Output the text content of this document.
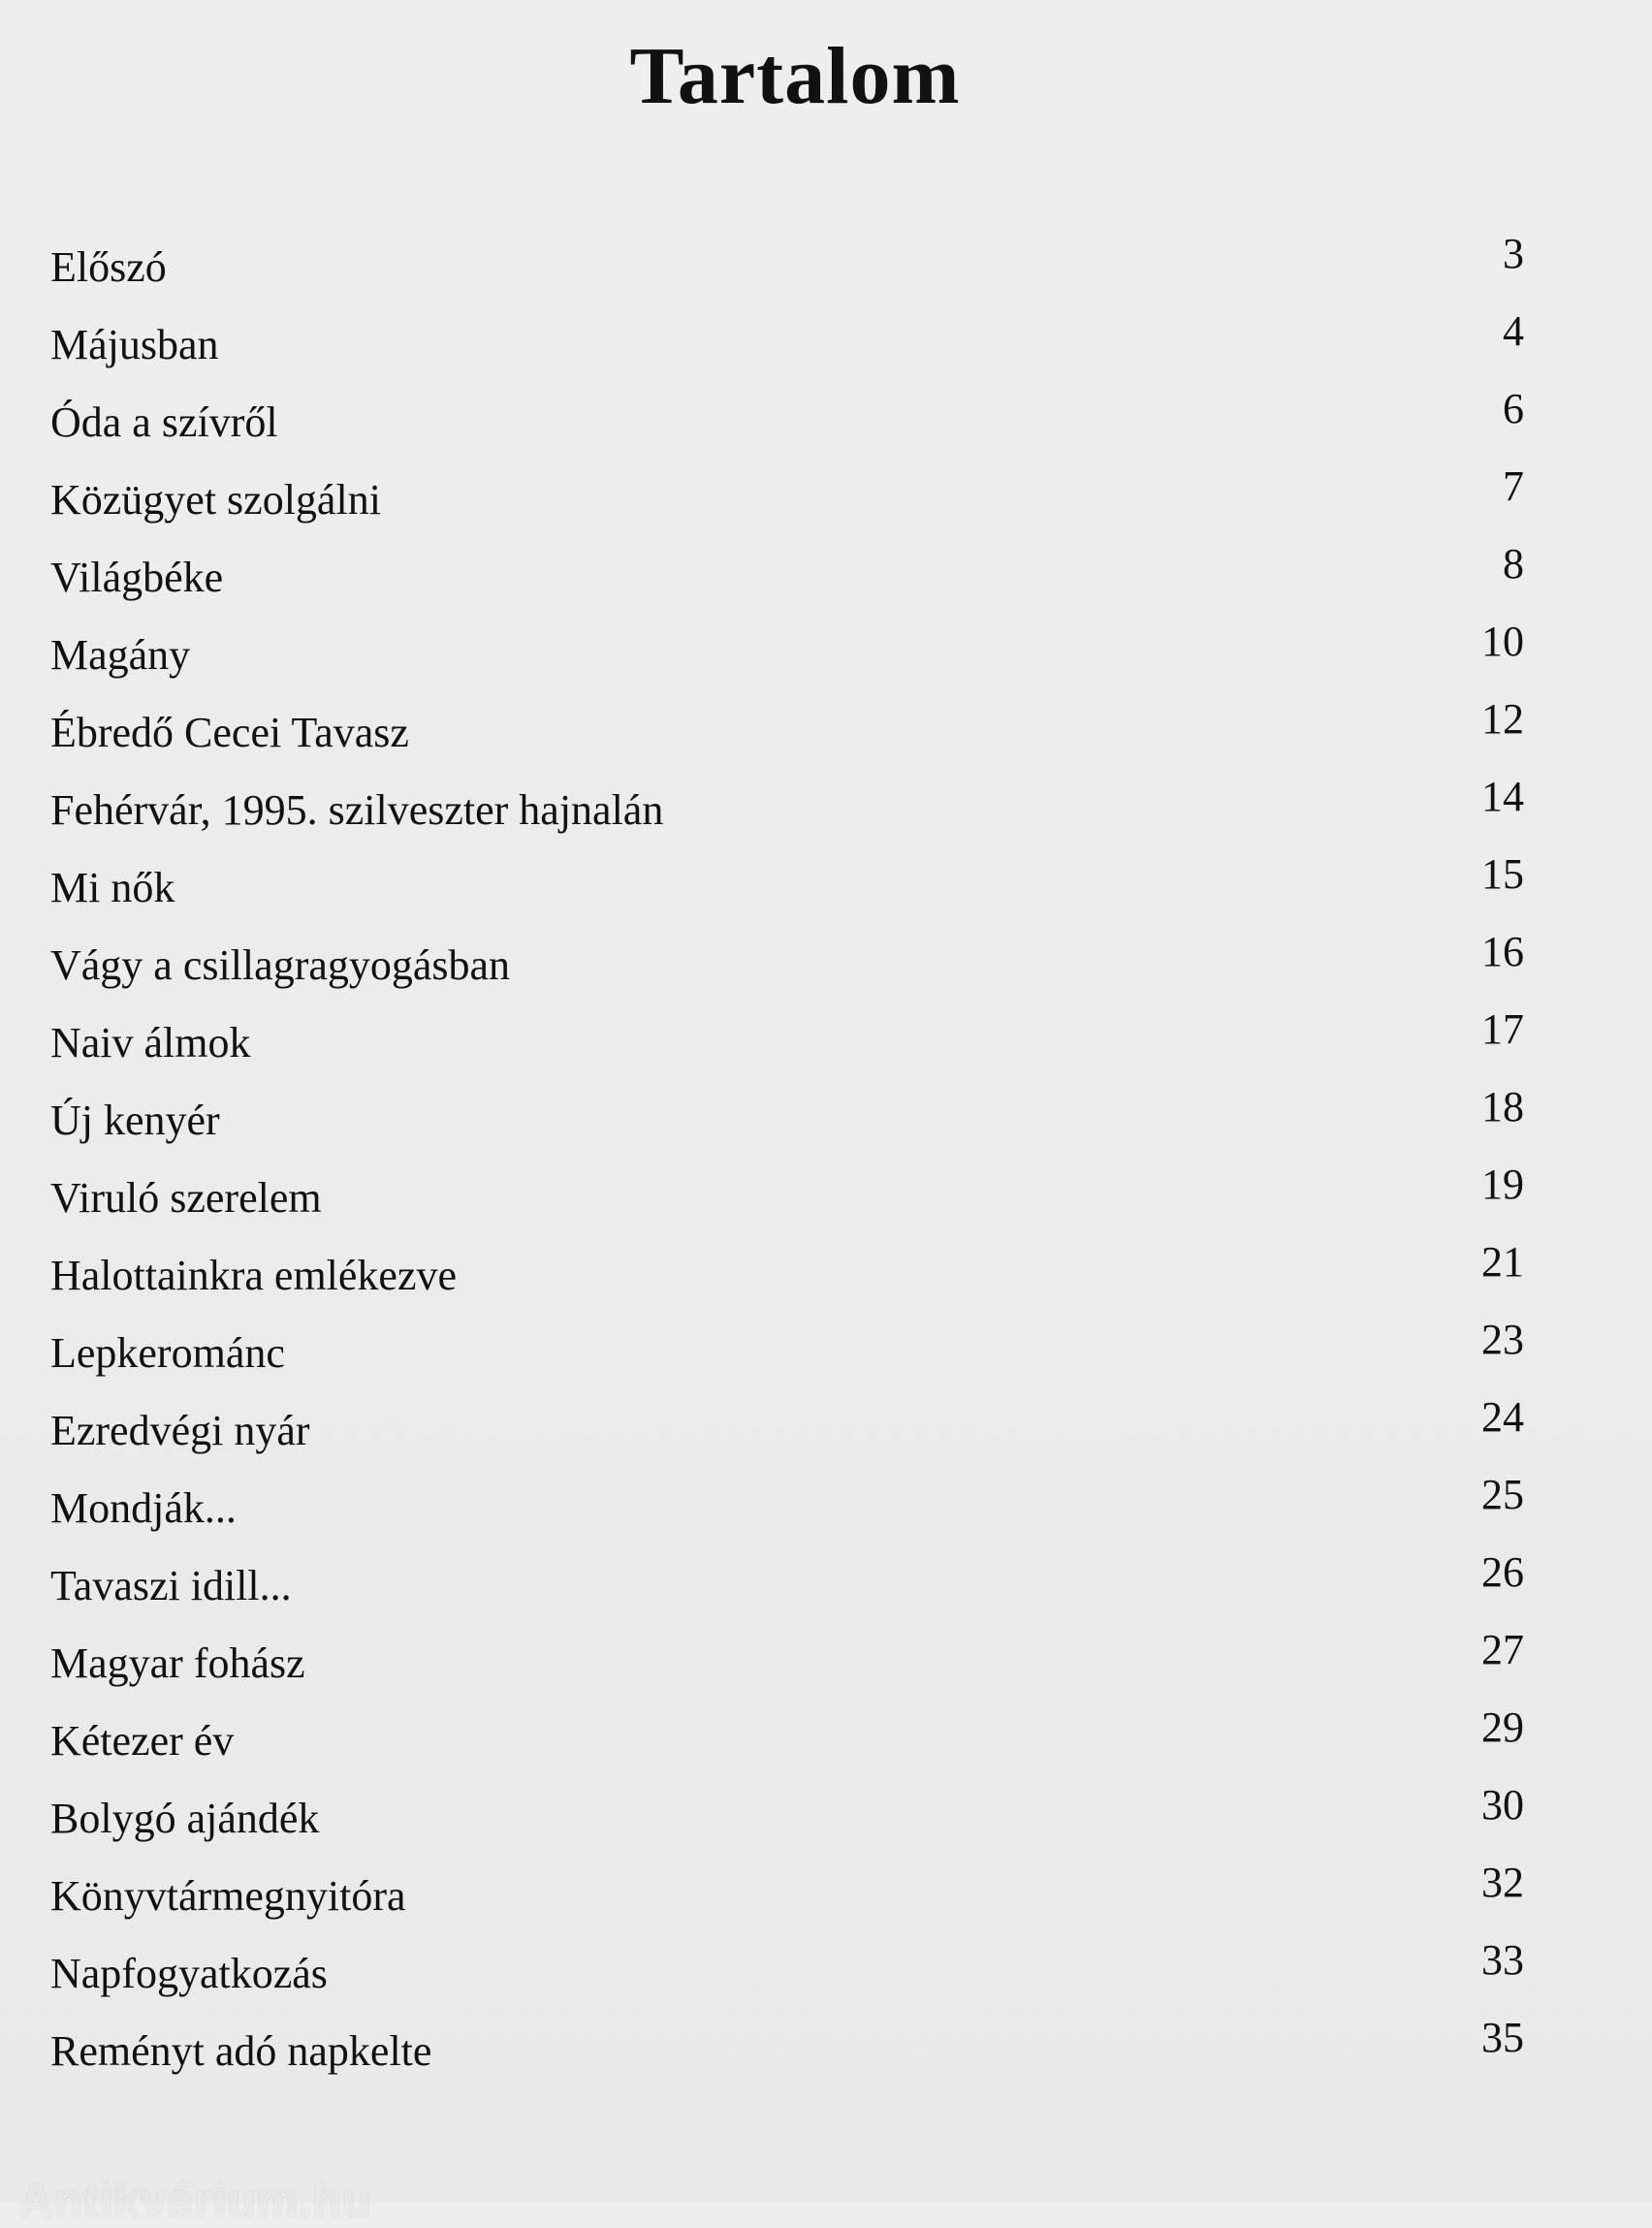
Tartalom
Előszó	3
Májusban	4
Óda a szívről	6
Közügyet szolgálni	7
Világbéke	8
Magány	10
Ébredő Cecei Tavasz	12
Fehérvár, 1995. szilveszter hajnalán	14
Mi nők	15
Vágy a csillagragyogásban	16
Naiv álmok	17
Új kenyér	18
Viruló szerelem	19
Halottainkra emlékezve	21
Lepkerománc	23
Ezredvégi nyár	24
Mondják...	25
Tavaszi idill...	26
Magyar fohász	27
Kétezer év	29
Bolygó ajándék	30
Könyvtármegnyitóra	32
Napfogyatkozás	33
Reményt adó napkelte	35
Antikvárium.hu
